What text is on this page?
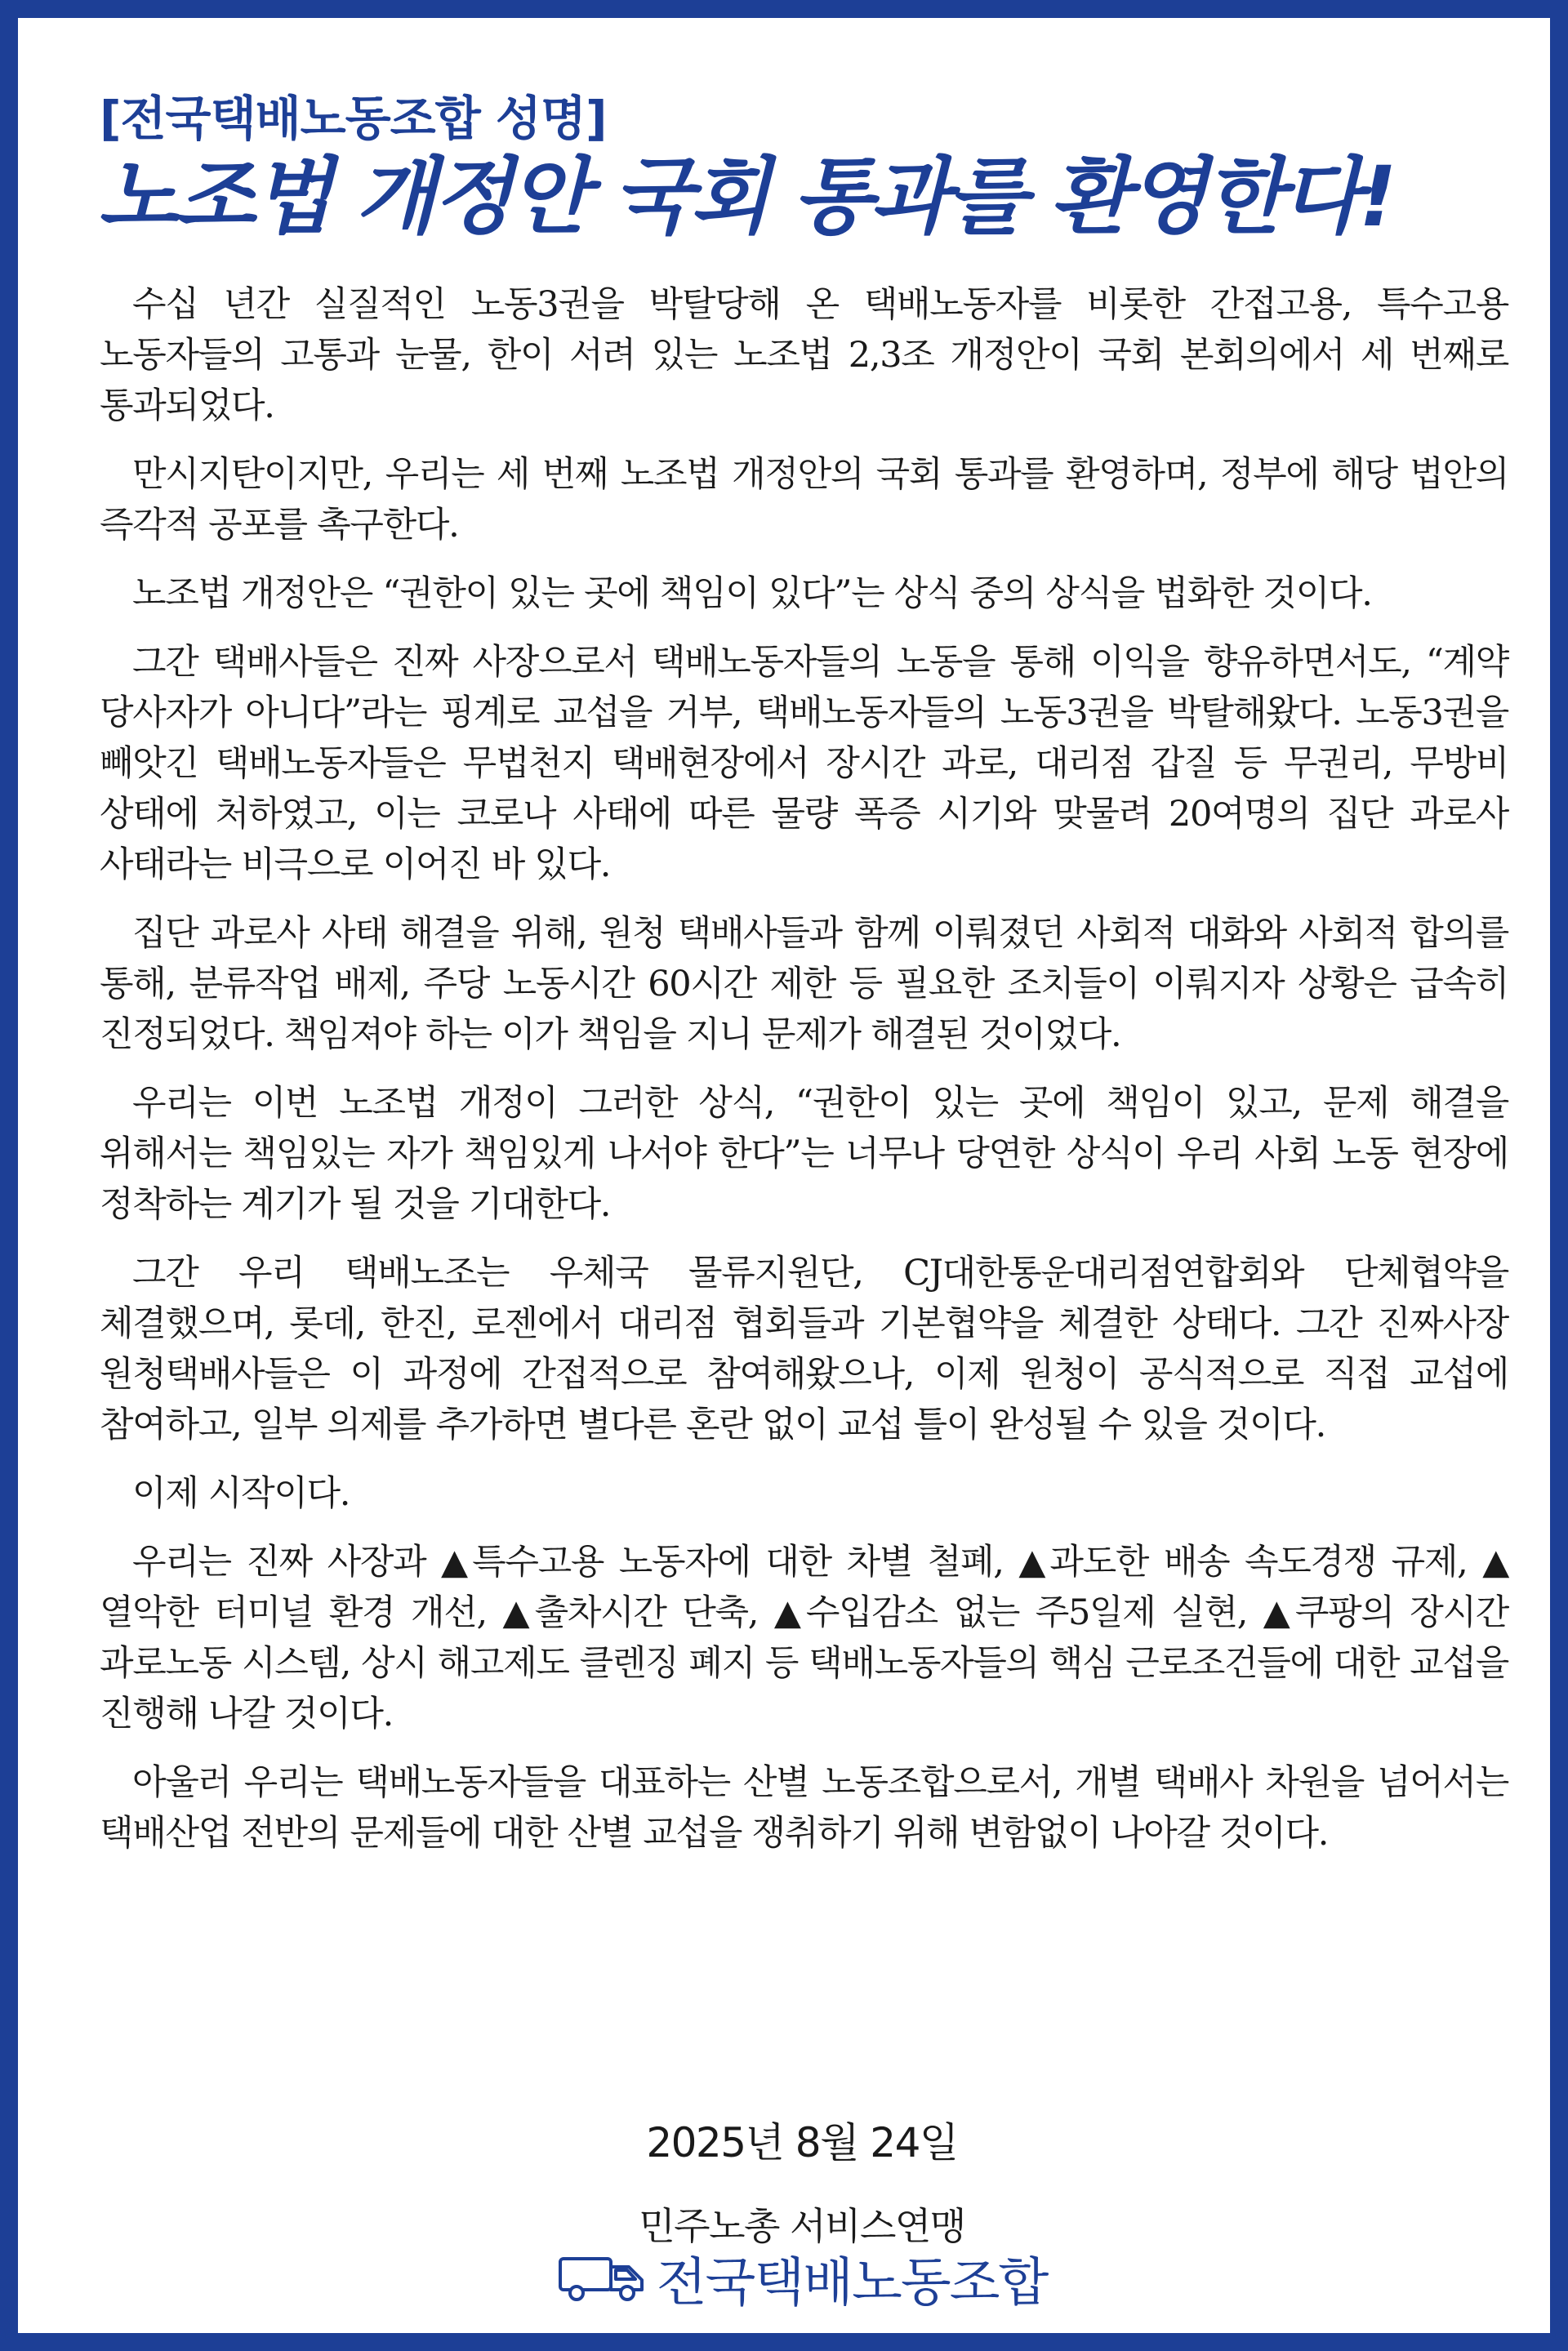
[전국택배노동조합 성명]
노조법 개정안 국회 통과를 환영한다!

수십 년간 실질적인 노동3권을 박탈당해 온 택배노동자를 비롯한 간접고용, 특수고용 노동자들의 고통과 눈물, 한이 서려 있는 노조법 2,3조 개정안이 국회 본회의에서 세 번째로 통과되었다.

만시지탄이지만, 우리는 세 번째 노조법 개정안의 국회 통과를 환영하며, 정부에 해당 법안의 즉각적 공포를 촉구한다.

노조법 개정안은 “권한이 있는 곳에 책임이 있다”는 상식 중의 상식을 법화한 것이다.

그간 택배사들은 진짜 사장으로서 택배노동자들의 노동을 통해 이익을 향유하면서도, “계약 당사자가 아니다”라는 핑계로 교섭을 거부, 택배노동자들의 노동3권을 박탈해왔다. 노동3권을 빼앗긴 택배노동자들은 무법천지 택배현장에서 장시간 과로, 대리점 갑질 등 무권리, 무방비 상태에 처하였고, 이는 코로나 사태에 따른 물량 폭증 시기와 맞물려 20여명의 집단 과로사 사태라는 비극으로 이어진 바 있다.

집단 과로사 사태 해결을 위해, 원청 택배사들과 함께 이뤄졌던 사회적 대화와 사회적 합의를 통해, 분류작업 배제, 주당 노동시간 60시간 제한 등 필요한 조치들이 이뤄지자 상황은 급속히 진정되었다. 책임져야 하는 이가 책임을 지니 문제가 해결된 것이었다.

우리는 이번 노조법 개정이 그러한 상식, “권한이 있는 곳에 책임이 있고, 문제 해결을 위해서는 책임있는 자가 책임있게 나서야 한다”는 너무나 당연한 상식이 우리 사회 노동 현장에 정착하는 계기가 될 것을 기대한다.

그간 우리 택배노조는 우체국 물류지원단, CJ대한통운대리점연합회와 단체협약을 체결했으며, 롯데, 한진, 로젠에서 대리점 협회들과 기본협약을 체결한 상태다. 그간 진짜사장 원청택배사들은 이 과정에 간접적으로 참여해왔으나, 이제 원청이 공식적으로 직접 교섭에 참여하고, 일부 의제를 추가하면 별다른 혼란 없이 교섭 틀이 완성될 수 있을 것이다.

이제 시작이다.

우리는 진짜 사장과 ▲특수고용 노동자에 대한 차별 철폐, ▲과도한 배송 속도경쟁 규제, ▲열악한 터미널 환경 개선, ▲출차시간 단축, ▲수입감소 없는 주5일제 실현, ▲쿠팡의 장시간 과로노동 시스템, 상시 해고제도 클렌징 폐지 등 택배노동자들의 핵심 근로조건들에 대한 교섭을 진행해 나갈 것이다.

아울러 우리는 택배노동자들을 대표하는 산별 노동조합으로서, 개별 택배사 차원을 넘어서는 택배산업 전반의 문제들에 대한 산별 교섭을 쟁취하기 위해 변함없이 나아갈 것이다.

2025년 8월 24일
민주노총 서비스연맹
전국택배노동조합
